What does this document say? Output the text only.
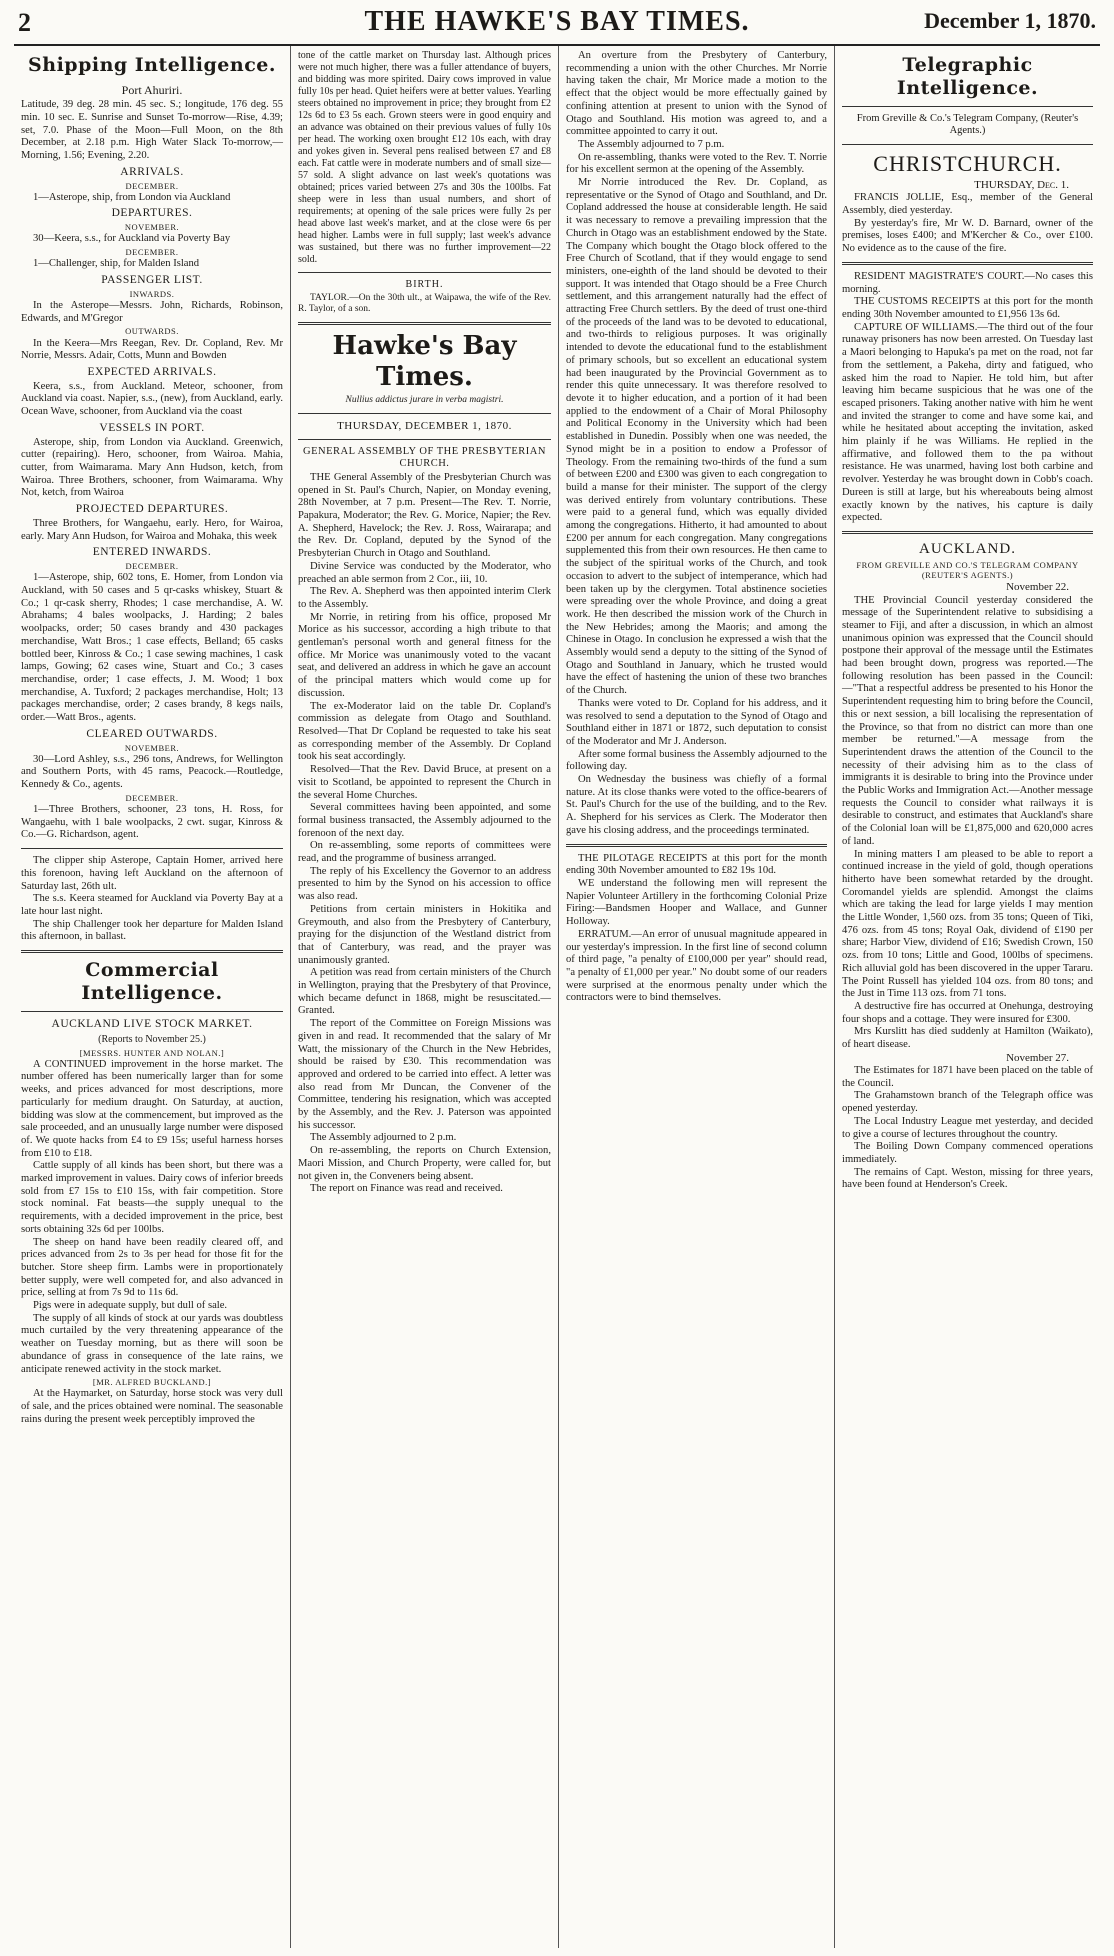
2	THE HAWKE'S BAY TIMES.	December 1, 1870.
Shipping Intelligence.
Port Ahuriri.

Latitude, 39 deg. 28 min. 45 sec. S.; longitude, 176 deg. 55 min. 10 sec. E. Sunrise and Sunset To-morrow—Rise, 4.39; set, 7.0. Phase of the Moon—Full Moon, on the 8th December, at 2.18 p.m. High Water Slack To-morrow,—Morning, 1.56; Evening, 2.20.

ARRIVALS.
DECEMBER.

1—Asterope, ship, from London via Auckland

DEPARTURES.
NOVEMBER.

30—Keera, s.s., for Auckland via Poverty Bay

DECEMBER.

1—Challenger, ship, for Malden Island

PASSENGER LIST.
INWARDS.

In the Asterope—Messrs. John, Richards, Robinson, Edwards, and M'Gregor

OUTWARDS.

In the Keera—Mrs Reegan, Rev. Dr. Copland, Rev. Mr Norrie, Messrs. Adair, Cotts, Munn and Bowden

EXPECTED ARRIVALS.

Keera, s.s., from Auckland. Meteor, schooner, from Auckland via coast. Napier, s.s., (new), from Auckland, early. Ocean Wave, schooner, from Auckland via the coast

VESSELS IN PORT.

Asterope, ship, from London via Auckland. Greenwich, cutter (repairing). Hero, schooner, from Wairoa. Mahia, cutter, from Waimarama. Mary Ann Hudson, ketch, from Wairoa. Three Brothers, schooner, from Waimarama. Why Not, ketch, from Wairoa

PROJECTED DEPARTURES.

Three Brothers, for Wangaehu, early. Hero, for Wairoa, early. Mary Ann Hudson, for Wairoa and Mohaka, this week

ENTERED INWARDS.
DECEMBER.

1—Asterope, ship, 602 tons, E. Homer, from London via Auckland, with 50 cases and 5 qr-casks whiskey, Stuart & Co.; 1 qr-cask sherry, Rhodes; 1 case merchandise, A. W. Abrahams; 4 bales woolpacks, J. Harding; 2 bales woolpacks, order; 50 cases brandy and 430 packages merchandise, Watt Bros.; 1 case effects, Belland; 65 casks bottled beer, Kinross & Co.; 1 case sewing machines, 1 cask lamps, Gowing; 62 cases wine, Stuart and Co.; 3 cases merchandise, order; 1 case effects, J. M. Wood; 1 box merchandise, A. Tuxford; 2 packages merchandise, Holt; 13 packages merchandise, order; 2 cases brandy, 8 kegs nails, order.—Watt Bros., agents.

CLEARED OUTWARDS.
NOVEMBER.

30—Lord Ashley, s.s., 296 tons, Andrews, for Wellington and Southern Ports, with 45 rams, Peacock.—Routledge, Kennedy & Co., agents.

DECEMBER.

1—Three Brothers, schooner, 23 tons, H. Ross, for Wangaehu, with 1 bale woolpacks, 2 cwt. sugar, Kinross & Co.—G. Richardson, agent.

The clipper ship Asterope, Captain Homer, arrived here this forenoon, having left Auckland on the afternoon of Saturday last, 26th ult.

The s.s. Keera steamed for Auckland via Poverty Bay at a late hour last night.

The ship Challenger took her departure for Malden Island this afternoon, in ballast.

Commercial Intelligence.
AUCKLAND LIVE STOCK MARKET.
(Reports to November 25.)
[MESSRS. HUNTER AND NOLAN.]

A CONTINUED improvement in the horse market. The number offered has been numerically larger than for some weeks, and prices advanced for most descriptions, more particularly for medium draught. On Saturday, at auction, bidding was slow at the commencement, but improved as the sale proceeded, and an unusually large number were disposed of. We quote hacks from £4 to £9 15s; useful harness horses from £10 to £18.

Cattle supply of all kinds has been short, but there was a marked improvement in values. Dairy cows of inferior breeds sold from £7 15s to £10 15s, with fair competition. Store stock nominal. Fat beasts—the supply unequal to the requirements, with a decided improvement in the price, best sorts obtaining 32s 6d per 100lbs.

The sheep on hand have been readily cleared off, and prices advanced from 2s to 3s per head for those fit for the butcher. Store sheep firm. Lambs were in proportionately better supply, were well competed for, and also advanced in price, selling at from 7s 9d to 11s 6d.

Pigs were in adequate supply, but dull of sale.

The supply of all kinds of stock at our yards was doubtless much curtailed by the very threatening appearance of the weather on Tuesday morning, but as there will soon be abundance of grass in consequence of the late rains, we anticipate renewed activity in the stock market.

[MR. ALFRED BUCKLAND.]

At the Haymarket, on Saturday, horse stock was very dull of sale, and the prices obtained were nominal. The seasonable rains during the present week perceptibly improved the

tone of the cattle market on Thursday last. Although prices were not much higher, there was a fuller attendance of buyers, and bidding was more spirited. Dairy cows improved in value fully 10s per head. Quiet heifers were at better values. Yearling steers obtained no improvement in price; they brought from £2 12s 6d to £3 5s each. Grown steers were in good enquiry and an advance was obtained on their previous values of fully 10s per head. The working oxen brought £12 10s each, with dray and yokes given in. Several pens realised between £7 and £8 each. Fat cattle were in moderate numbers and of small size—57 sold. A slight advance on last week's quotations was obtained; prices varied between 27s and 30s the 100lbs. Fat sheep were in less than usual numbers, and short of requirements; at opening of the sale prices were fully 2s per head above last week's market, and at the close were 6s per head higher. Lambs were in full supply; last week's advance was sustained, but there was no further improvement—22 sold.

BIRTH.

TAYLOR.—On the 30th ult., at Waipawa, the wife of the Rev. R. Taylor, of a son.

Hawke's Bay Times.
Nullius addictus jurare in verba magistri.
THURSDAY, DECEMBER 1, 1870.
GENERAL ASSEMBLY OF THE PRESBYTERIAN CHURCH.

THE General Assembly of the Presbyterian Church was opened in St. Paul's Church, Napier, on Monday evening, 28th November, at 7 p.m. Present—The Rev. T. Norrie, Papakura, Moderator; the Rev. G. Morice, Napier; the Rev. A. Shepherd, Havelock; the Rev. J. Ross, Wairarapa; and the Rev. Dr. Copland, deputed by the Synod of the Presbyterian Church in Otago and Southland.

Divine Service was conducted by the Moderator, who preached an able sermon from 2 Cor., iii, 10.

The Rev. A. Shepherd was then appointed interim Clerk to the Assembly.

Mr Norrie, in retiring from his office, proposed Mr Morice as his successor, according a high tribute to that gentleman's personal worth and general fitness for the office. Mr Morice was unanimously voted to the vacant seat, and delivered an address in which he gave an account of the principal matters which would come up for discussion.

The ex-Moderator laid on the table Dr. Copland's commission as delegate from Otago and Southland. Resolved—That Dr Copland be requested to take his seat as corresponding member of the Assembly. Dr Copland took his seat accordingly.

Resolved—That the Rev. David Bruce, at present on a visit to Scotland, be appointed to represent the Church in the several Home Churches.

Several committees having been appointed, and some formal business transacted, the Assembly adjourned to the forenoon of the next day.

On re-assembling, some reports of committees were read, and the programme of business arranged.

The reply of his Excellency the Governor to an address presented to him by the Synod on his accession to office was also read.

Petitions from certain ministers in Hokitika and Greymouth, and also from the Presbytery of Canterbury, praying for the disjunction of the Westland district from that of Canterbury, was read, and the prayer was unanimously granted.

A petition was read from certain ministers of the Church in Wellington, praying that the Presbytery of that Province, which became defunct in 1868, might be resuscitated.—Granted.

The report of the Committee on Foreign Missions was given in and read. It recommended that the salary of Mr Watt, the missionary of the Church in the New Hebrides, should be raised by £30. This recommendation was approved and ordered to be carried into effect. A letter was also read from Mr Duncan, the Convener of the Committee, tendering his resignation, which was accepted by the Assembly, and the Rev. J. Paterson was appointed his successor.

The Assembly adjourned to 2 p.m.

On re-assembling, the reports on Church Extension, Maori Mission, and Church Property, were called for, but not given in, the Conveners being absent.

The report on Finance was read and received.

An overture from the Presbytery of Canterbury, recommending a union with the other Churches. Mr Norrie having taken the chair, Mr Morice made a motion to the effect that the object would be more effectually gained by confining attention at present to union with the Synod of Otago and Southland. His motion was agreed to, and a committee appointed to carry it out.

The Assembly adjourned to 7 p.m.

On re-assembling, thanks were voted to the Rev. T. Norrie for his excellent sermon at the opening of the Assembly.

Mr Norrie introduced the Rev. Dr. Copland, as representative or the Synod of Otago and Southland, and Dr. Copland addressed the house at considerable length. He said it was necessary to remove a prevailing impression that the Church in Otago was an establishment endowed by the State. The Company which bought the Otago block offered to the Free Church of Scotland, that if they would engage to send ministers, one-eighth of the land should be devoted to their support. It was intended that Otago should be a Free Church settlement, and this arrangement naturally had the effect of attracting Free Church settlers. By the deed of trust one-third of the proceeds of the land was to be devoted to educational, and two-thirds to religious purposes. It was originally intended to devote the educational fund to the establishment of primary schools, but so excellent an educational system had been inaugurated by the Provincial Government as to render this quite unnecessary. It was therefore resolved to devote it to higher education, and a portion of it had been applied to the endowment of a Chair of Moral Philosophy and Political Economy in the University which had been established in Dunedin. Possibly when one was needed, the Synod might be in a position to endow a Professor of Theology. From the remaining two-thirds of the fund a sum of between £200 and £300 was given to each congregation to build a manse for their minister. The support of the clergy was derived entirely from voluntary contributions. These were paid to a general fund, which was equally divided among the congregations. Hitherto, it had amounted to about £200 per annum for each congregation. Many congregations supplemented this from their own resources. He then came to the subject of the spiritual works of the Church, and took occasion to advert to the subject of intemperance, which had been taken up by the clergymen. Total abstinence societies were spreading over the whole Province, and doing a great work. He then described the mission work of the Church in the New Hebrides; among the Maoris; and among the Chinese in Otago. In conclusion he expressed a wish that the Assembly would send a deputy to the sitting of the Synod of Otago and Southland in January, which he trusted would have the effect of hastening the union of these two branches of the Church.

Thanks were voted to Dr. Copland for his address, and it was resolved to send a deputation to the Synod of Otago and Southland either in 1871 or 1872, such deputation to consist of the Moderator and Mr J. Anderson.

After some formal business the Assembly adjourned to the following day.

On Wednesday the business was chiefly of a formal nature. At its close thanks were voted to the office-bearers of St. Paul's Church for the use of the building, and to the Rev. A. Shepherd for his services as Clerk. The Moderator then gave his closing address, and the proceedings terminated.

THE PILOTAGE RECEIPTS at this port for the month ending 30th November amounted to £82 19s 10d.

WE understand the following men will represent the Napier Volunteer Artillery in the forthcoming Colonial Prize Firing:—Bandsmen Hooper and Wallace, and Gunner Holloway.

ERRATUM.—An error of unusual magnitude appeared in our yesterday's impression. In the first line of second column of third page, "a penalty of £100,000 per year" should read, "a penalty of £1,000 per year." No doubt some of our readers were surprised at the enormous penalty under which the contractors were to bind themselves.

Telegraphic Intelligence.
From Greville & Co.'s Telegram Company, (Reuter's Agents.)
CHRISTCHURCH.
THURSDAY, Dec. 1.

FRANCIS JOLLIE, Esq., member of the General Assembly, died yesterday.

By yesterday's fire, Mr W. D. Barnard, owner of the premises, loses £400; and M'Kercher & Co., over £100. No evidence as to the cause of the fire.

RESIDENT MAGISTRATE'S COURT.—No cases this morning.

THE CUSTOMS RECEIPTS at this port for the month ending 30th November amounted to £1,956 13s 6d.

CAPTURE OF WILLIAMS.—The third out of the four runaway prisoners has now been arrested. On Tuesday last a Maori belonging to Hapuka's pa met on the road, not far from the settlement, a Pakeha, dirty and fatigued, who asked him the road to Napier. He told him, but after leaving him became suspicious that he was one of the escaped prisoners. Taking another native with him he went and invited the stranger to come and have some kai, and while he hesitated about accepting the invitation, asked him plainly if he was Williams. He replied in the affirmative, and followed them to the pa without resistance. He was unarmed, having lost both carbine and revolver. Yesterday he was brought down in Cobb's coach. Dureen is still at large, but his whereabouts being almost exactly known by the natives, his capture is daily expected.

AUCKLAND.
FROM GREVILLE AND CO.'S TELEGRAM COMPANY (REUTER'S AGENTS.)
November 22.

THE Provincial Council yesterday considered the message of the Superintendent relative to subsidising a steamer to Fiji, and after a discussion, in which an almost unanimous opinion was expressed that the Council should postpone their approval of the message until the Estimates had been brought down, progress was reported.—The following resolution has been passed in the Council:—"That a respectful address be presented to his Honor the Superintendent requesting him to bring before the Council, this or next session, a bill localising the representation of the Province, so that from no district can more than one member be returned."—A message from the Superintendent draws the attention of the Council to the necessity of their advising him as to the class of immigrants it is desirable to bring into the Province under the Public Works and Immigration Act.—Another message requests the Council to consider what railways it is desirable to construct, and estimates that Auckland's share of the Colonial loan will be £1,875,000 and 620,000 acres of land.

In mining matters I am pleased to be able to report a continued increase in the yield of gold, though operations hitherto have been somewhat retarded by the drought. Coromandel yields are splendid. Amongst the claims which are taking the lead for large yields I may mention the Little Wonder, 1,560 ozs. from 35 tons; Queen of Tiki, 476 ozs. from 45 tons; Royal Oak, dividend of £190 per share; Harbor View, dividend of £16; Swedish Crown, 150 ozs. from 10 tons; Little and Good, 100lbs of specimens. Rich alluvial gold has been discovered in the upper Tararu. The Point Russell has yielded 104 ozs. from 80 tons; and the Just in Time 113 ozs. from 71 tons.

A destructive fire has occurred at Onehunga, destroying four shops and a cottage. They were insured for £300.

Mrs Kurslitt has died suddenly at Hamilton (Waikato), of heart disease.

November 27.

The Estimates for 1871 have been placed on the table of the Council.

The Grahamstown branch of the Telegraph office was opened yesterday.

The Local Industry League met yesterday, and decided to give a course of lectures throughout the country.

The Boiling Down Company commenced operations immediately.

The remains of Capt. Weston, missing for three years, have been found at Henderson's Creek.
